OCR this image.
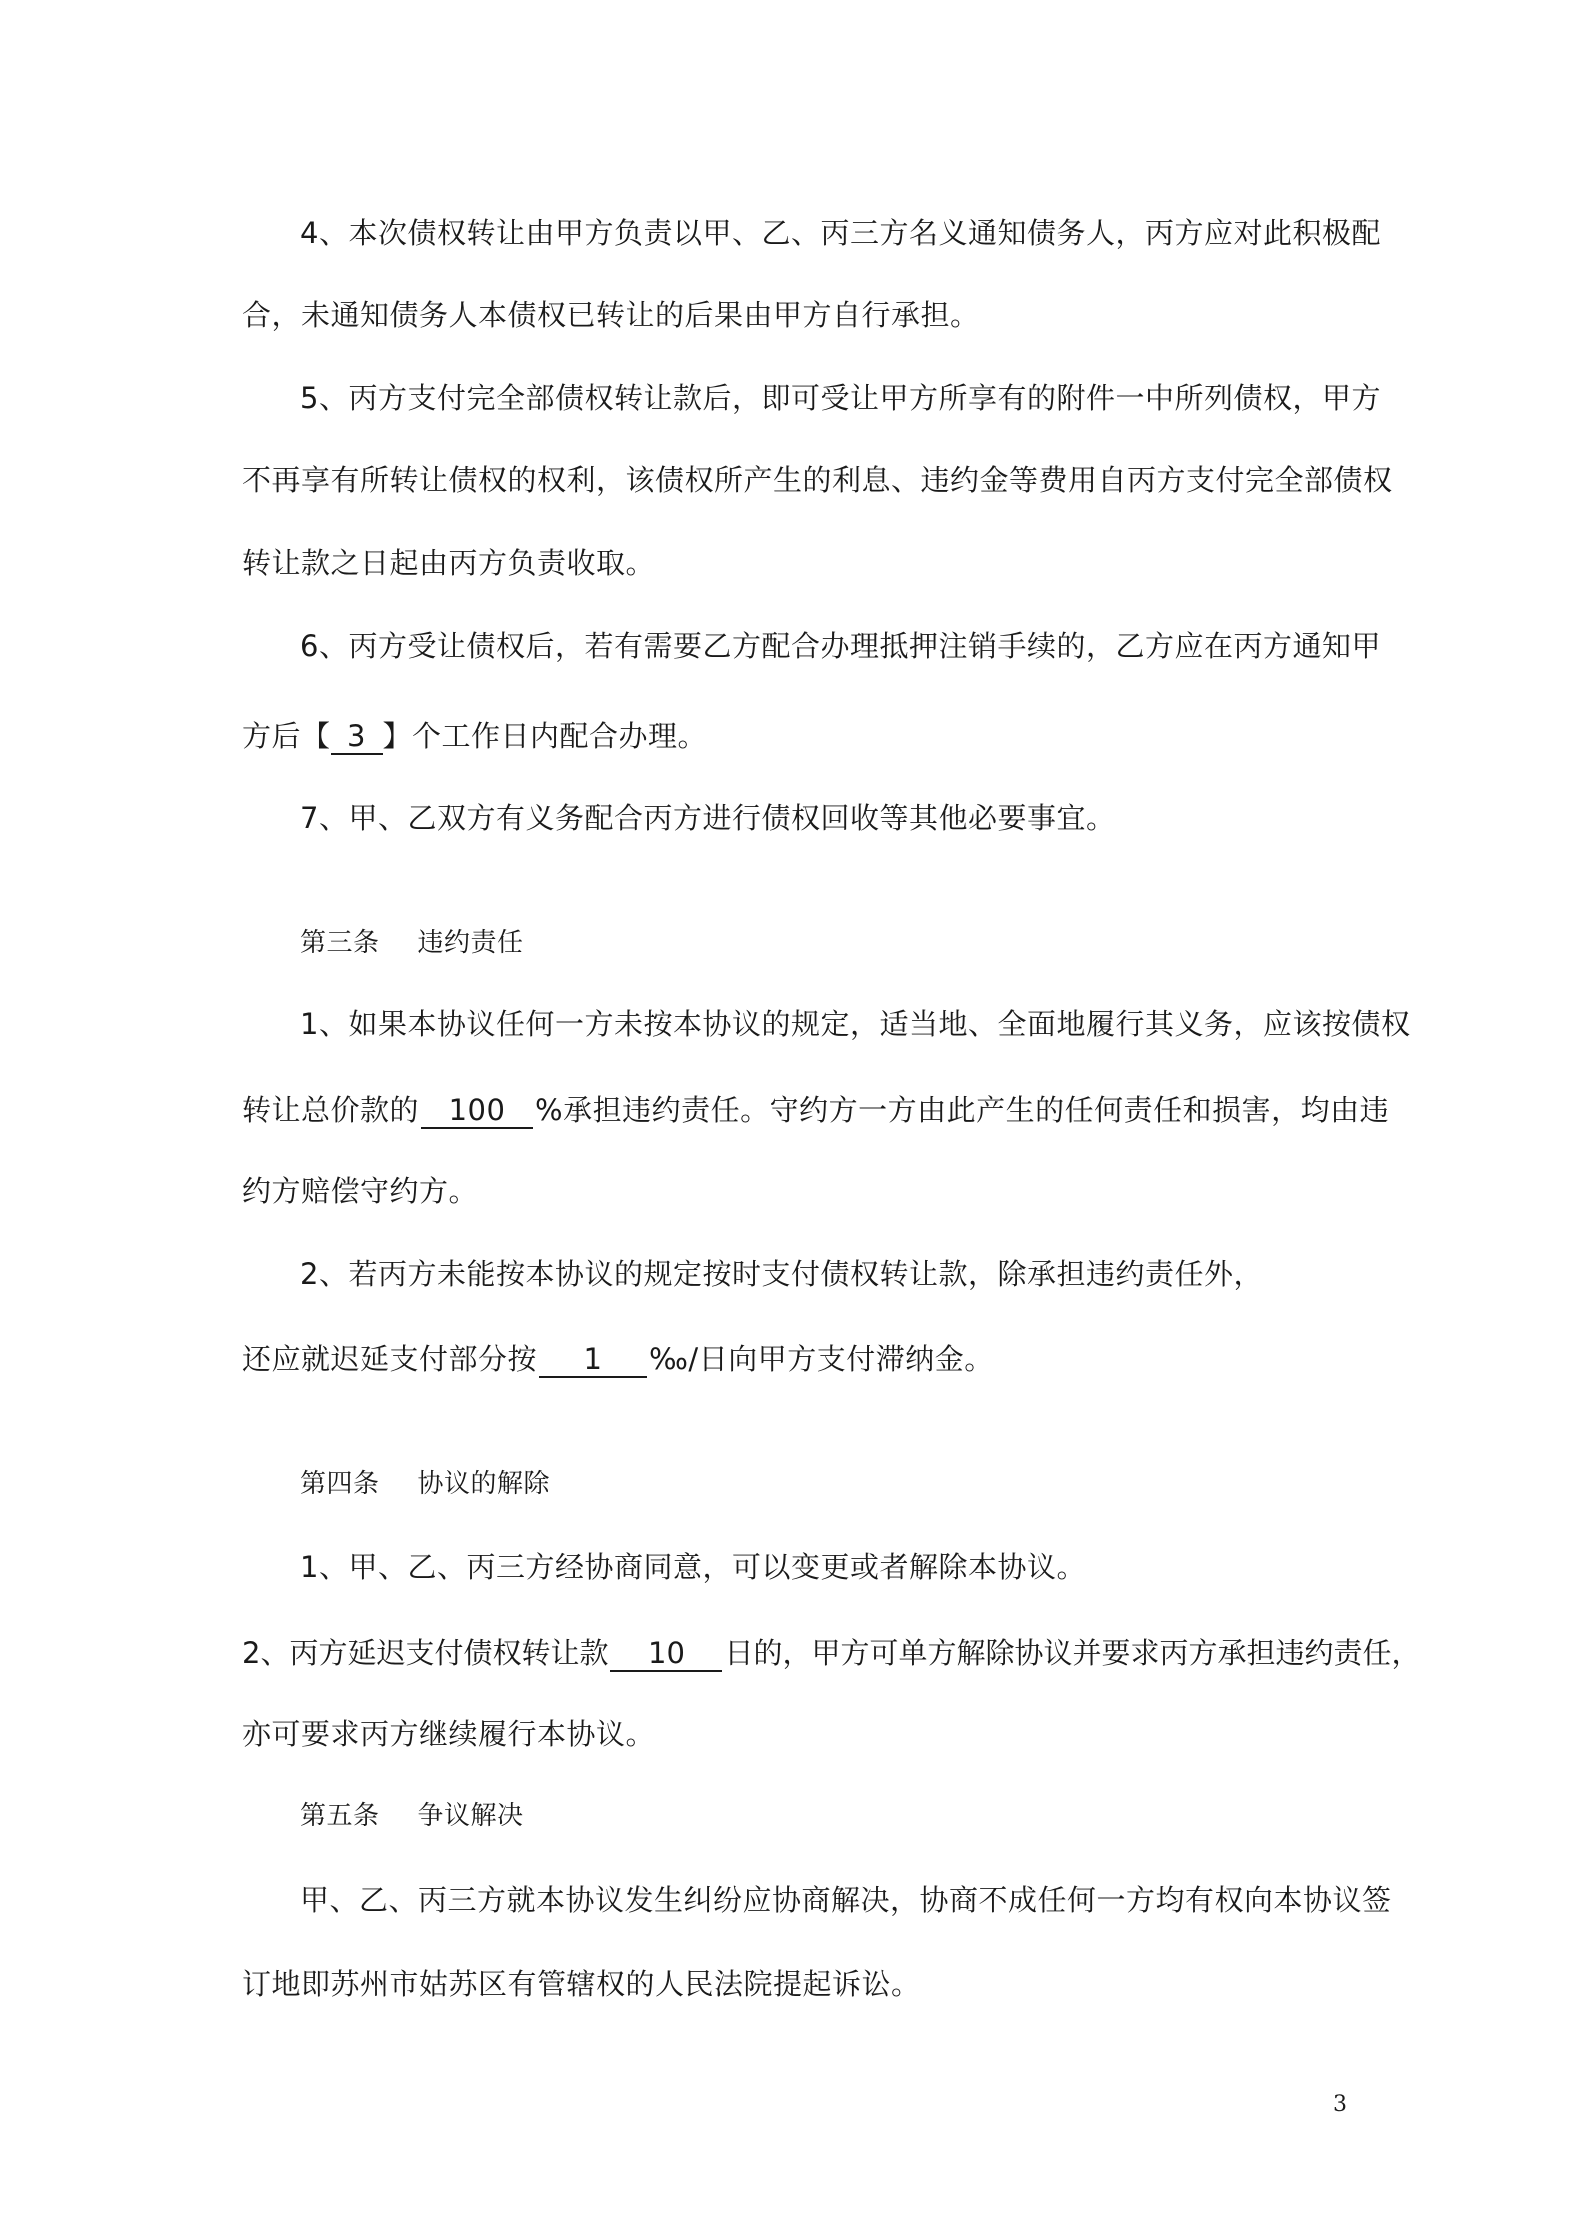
4、本次债权转让由甲方负责以甲、乙、丙三方名义通知债务人，丙方应对此积极配
合，未通知债务人本债权已转让的后果由甲方自行承担。
5、丙方支付完全部债权转让款后，即可受让甲方所享有的附件一中所列债权，甲方
不再享有所转让债权的权利，该债权所产生的利息、违约金等费用自丙方支付完全部债权
转让款之日起由丙方负责收取。
6、丙方受让债权后，若有需要乙方配合办理抵押注销手续的，乙方应在丙方通知甲
方后【 3 】个工作日内配合办理。
7、甲、乙双方有义务配合丙方进行债权回收等其他必要事宜。
第三条 违约责任
1、如果本协议任何一方未按本协议的规定，适当地、全面地履行其义务，应该按债权
转让总价款的 100 %承担违约责任。守约方一方由此产生的任何责任和损害，均由违
约方赔偿守约方。
2、若丙方未能按本协议的规定按时支付债权转让款，除承担违约责任外，
还应就迟延支付部分按 1 ‰/日向甲方支付滞纳金。
第四条 协议的解除
1、甲、乙、丙三方经协商同意，可以变更或者解除本协议。
2、丙方延迟支付债权转让款 10 日的，甲方可单方解除协议并要求丙方承担违约责任，
亦可要求丙方继续履行本协议。
第五条 争议解决
甲、乙、丙三方就本协议发生纠纷应协商解决，协商不成任何一方均有权向本协议签
订地即苏州市姑苏区有管辖权的人民法院提起诉讼。
3
